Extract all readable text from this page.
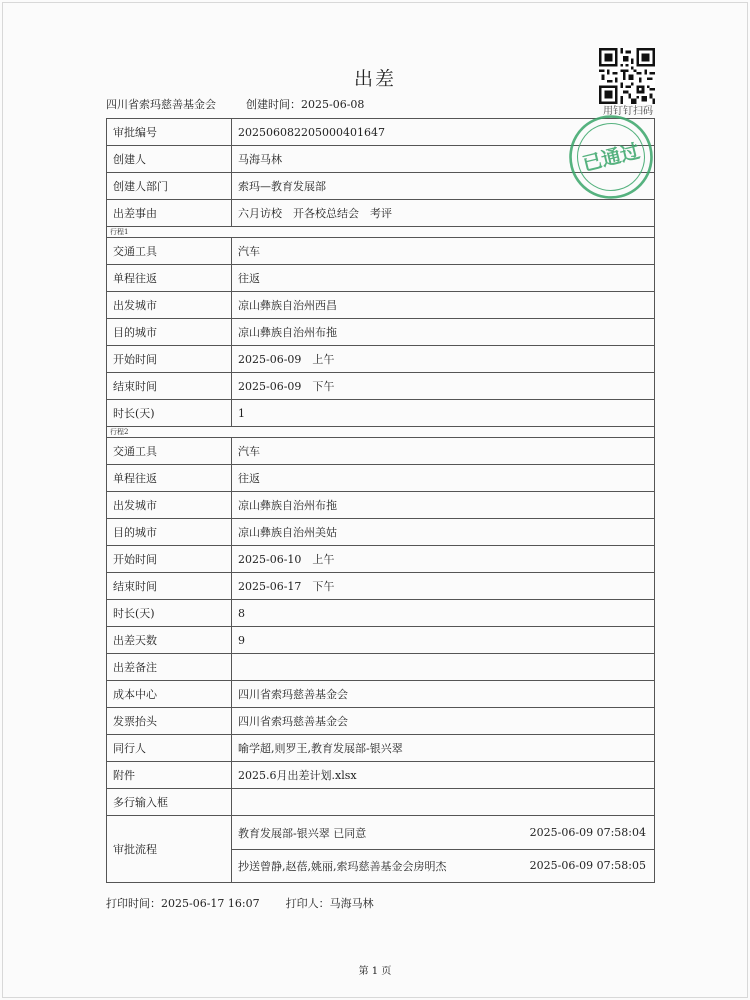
出差
四川省索玛慈善基金会	创建时间：2025-06-08
用钉钉扫码
审批编号	202506082205000401647
创建人	马海马林
创建人部门	索玛—教育发展部
出差事由	六月访校　开各校总结会　考评
行程1	
交通工具	汽车
单程往返	往返
出发城市	凉山彝族自治州西昌
目的城市	凉山彝族自治州布拖
开始时间	2025-06-09　上午
结束时间	2025-06-09　下午
时长(天)	1
行程2	
交通工具	汽车
单程往返	往返
出发城市	凉山彝族自治州布拖
目的城市	凉山彝族自治州美姑
开始时间	2025-06-10　上午
结束时间	2025-06-17　下午
时长(天)	8
出差天数	9
出差备注	
成本中心	四川省索玛慈善基金会
发票抬头	四川省索玛慈善基金会
同行人	喻学超,则罗王,教育发展部-银兴翠
附件	2025.6月出差计划.xlsx
多行输入框	
审批流程	教育发展部-银兴翠 已同意 2025-06-09 07:58:04
抄送曾静,赵蓓,姚丽,索玛慈善基金会房明杰 2025-06-09 07:58:05
已通过
打印时间：2025-06-17 16:07 打印人：马海马林
第 1 页
